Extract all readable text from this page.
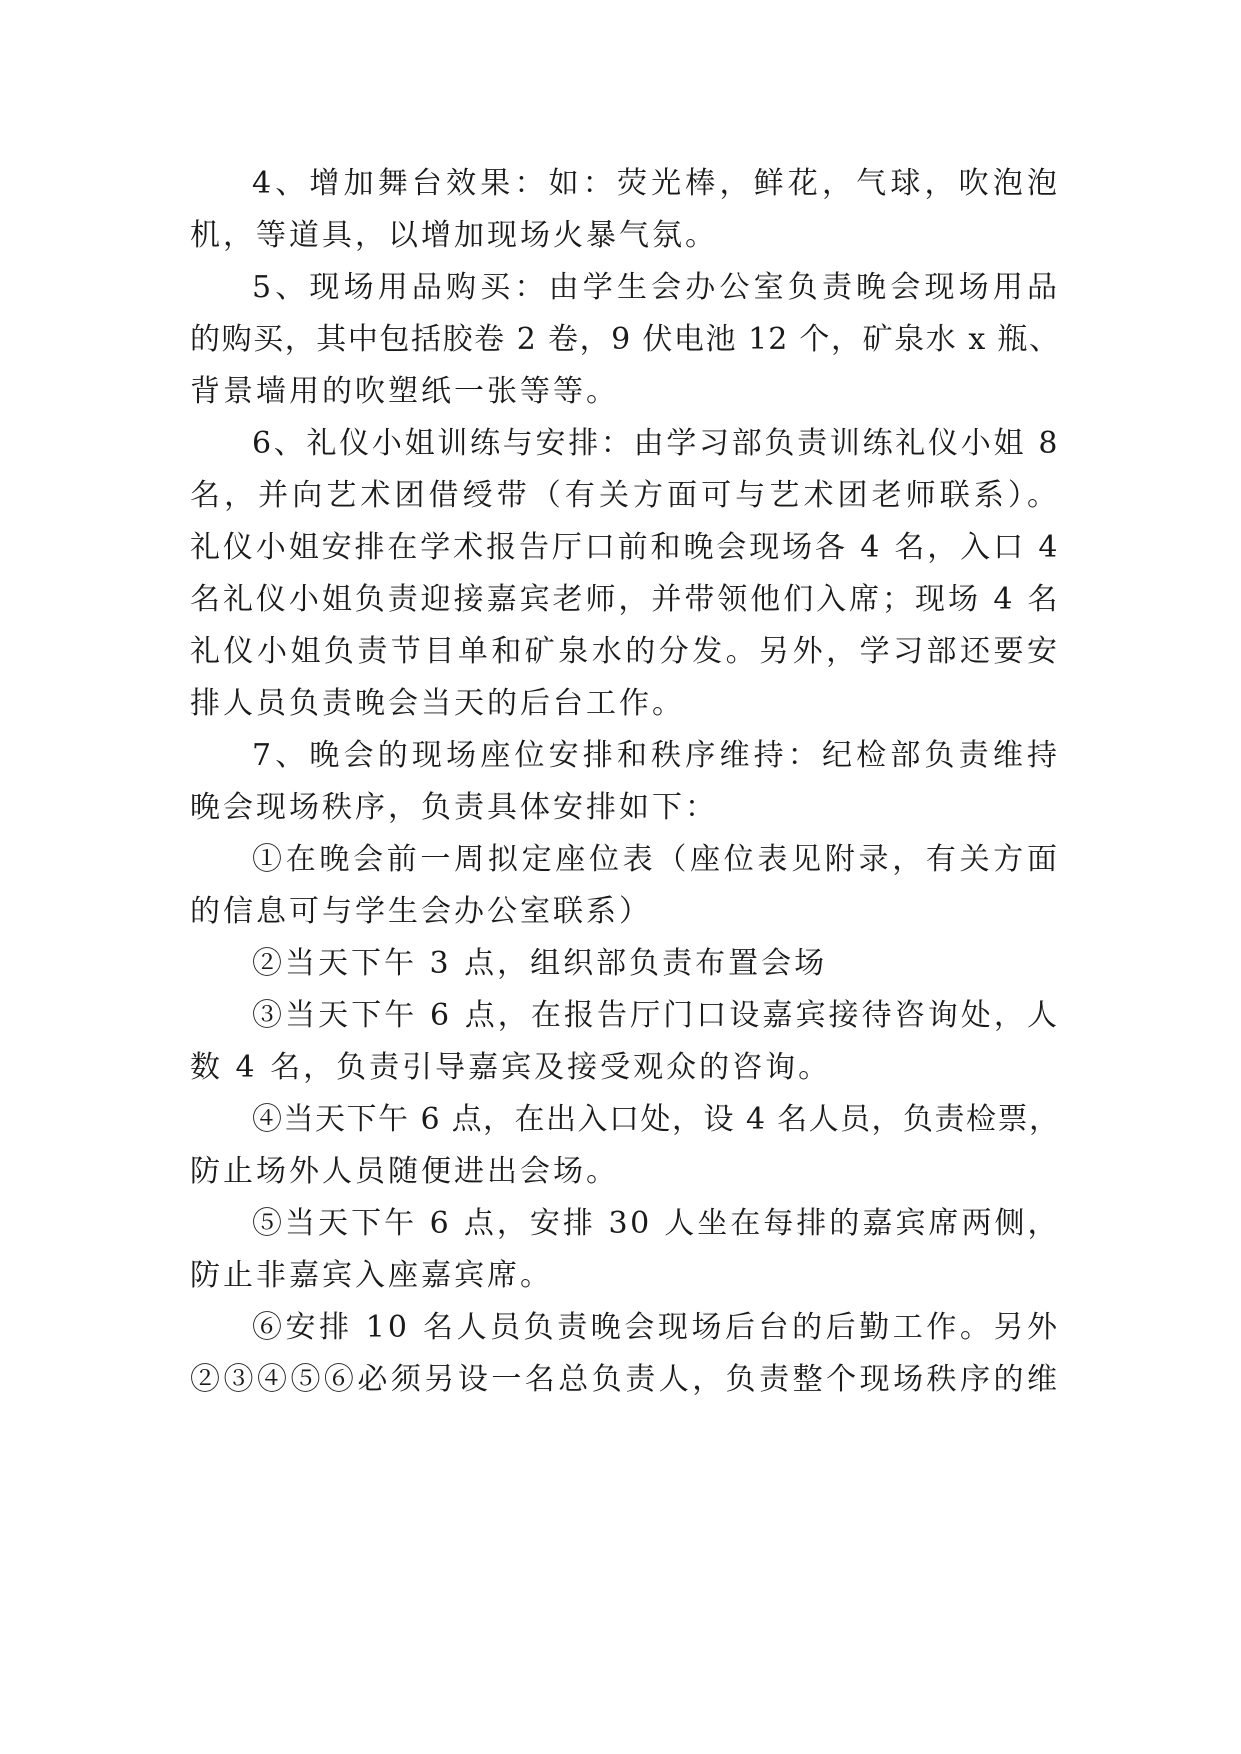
4、增加舞台效果：如：荧光棒，鲜花，气球，吹泡泡
机，等道具，以增加现场火暴气氛。
5、现场用品购买：由学生会办公室负责晚会现场用品
的购买，其中包括胶卷 2 卷，9 伏电池 12 个，矿泉水 x 瓶、
背景墙用的吹塑纸一张等等。
6、礼仪小姐训练与安排：由学习部负责训练礼仪小姐 8
名，并向艺术团借绶带（有关方面可与艺术团老师联系）。
礼仪小姐安排在学术报告厅口前和晚会现场各 4 名，入口 4
名礼仪小姐负责迎接嘉宾老师，并带领他们入席；现场 4 名
礼仪小姐负责节目单和矿泉水的分发。另外，学习部还要安
排人员负责晚会当天的后台工作。
7、晚会的现场座位安排和秩序维持：纪检部负责维持
晚会现场秩序，负责具体安排如下：
①在晚会前一周拟定座位表（座位表见附录，有关方面
的信息可与学生会办公室联系）
②当天下午 3 点，组织部负责布置会场
③当天下午 6 点，在报告厅门口设嘉宾接待咨询处，人
数 4 名，负责引导嘉宾及接受观众的咨询。
④当天下午 6 点，在出入口处，设 4 名人员，负责检票，
防止场外人员随便进出会场。
⑤当天下午 6 点，安排 30 人坐在每排的嘉宾席两侧，
防止非嘉宾入座嘉宾席。
⑥安排 10 名人员负责晚会现场后台的后勤工作。另外
②③④⑤⑥必须另设一名总负责人，负责整个现场秩序的维
